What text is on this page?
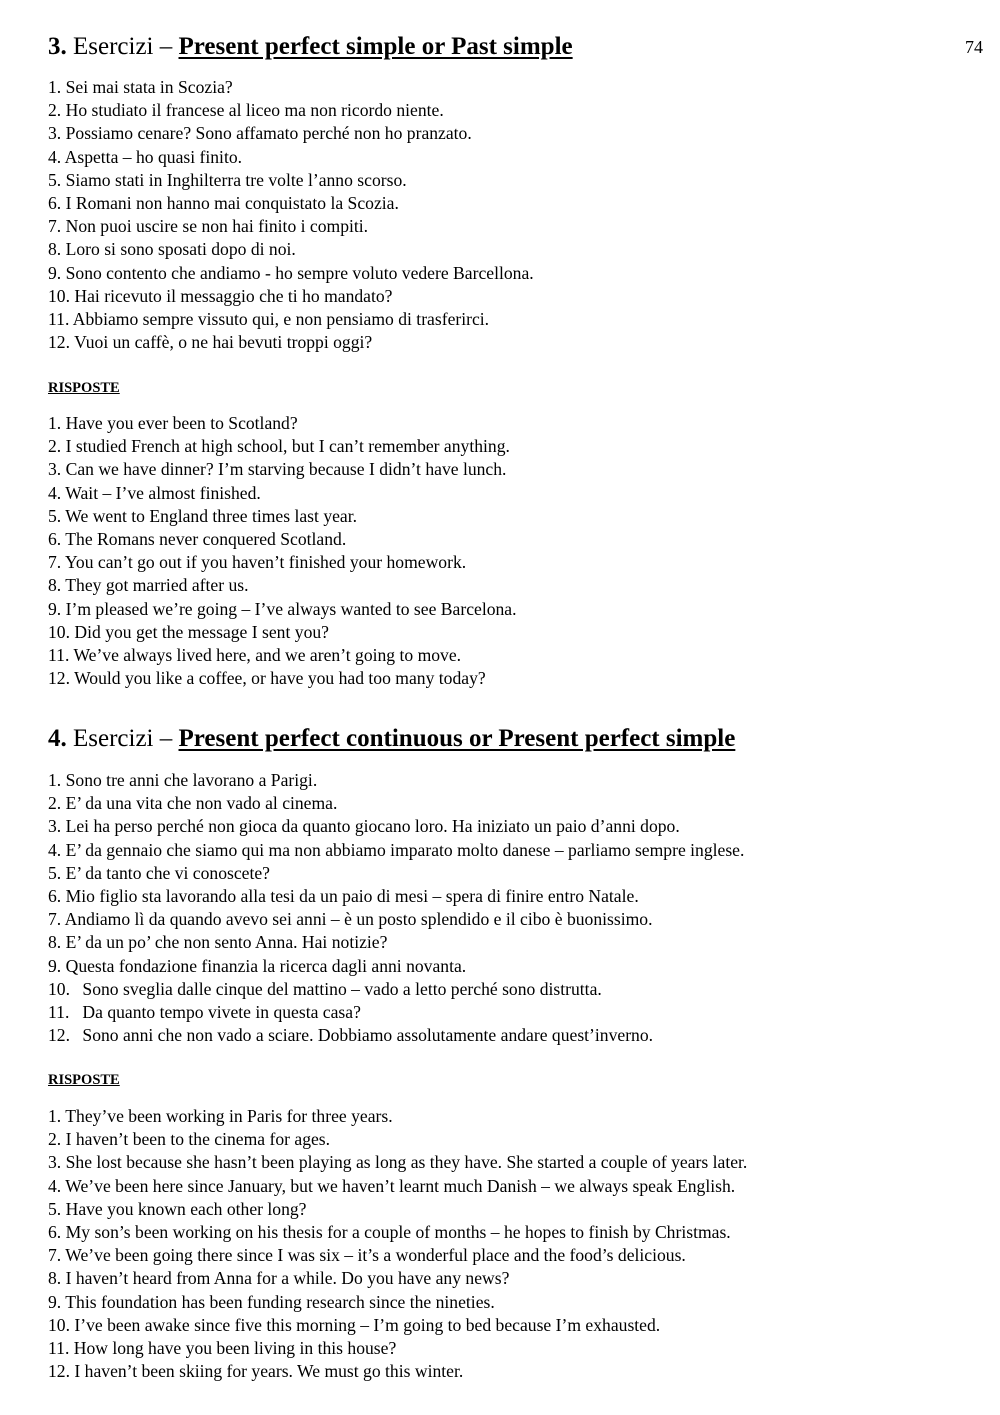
74
3. Esercizi – Present perfect simple or Past simple
1. Sei mai stata in Scozia?
2. Ho studiato il francese al liceo ma non ricordo niente.
3. Possiamo cenare? Sono affamato perché non ho pranzato.
4. Aspetta – ho quasi finito.
5. Siamo stati in Inghilterra tre volte l’anno scorso.
6. I Romani non hanno mai conquistato la Scozia.
7. Non puoi uscire se non hai finito i compiti.
8. Loro si sono sposati dopo di noi.
9. Sono contento che andiamo - ho sempre voluto vedere Barcellona.
10. Hai ricevuto il messaggio che ti ho mandato?
11. Abbiamo sempre vissuto qui, e non pensiamo di trasferirci.
12. Vuoi un caffè, o ne hai bevuti troppi oggi?
RISPOSTE
1. Have you ever been to Scotland?
2. I studied French at high school, but I can’t remember anything.
3. Can we have dinner? I’m starving because I didn’t have lunch.
4. Wait – I’ve almost finished.
5. We went to England three times last year.
6. The Romans never conquered Scotland.
7. You can’t go out if you haven’t finished your homework.
8. They got married after us.
9. I’m pleased we’re going – I’ve always wanted to see Barcelona.
10. Did you get the message I sent you?
11. We’ve always lived here, and we aren’t going to move.
12. Would you like a coffee, or have you had too many today?
4. Esercizi – Present perfect continuous or Present perfect simple
1. Sono tre anni che lavorano a Parigi.
2. E’ da una vita che non vado al cinema.
3. Lei ha perso perché non gioca da quanto giocano loro. Ha iniziato un paio d’anni dopo.
4. E’ da gennaio che siamo qui ma non abbiamo imparato molto danese – parliamo sempre inglese.
5. E’ da tanto che vi conoscete?
6. Mio figlio sta lavorando alla tesi da un paio di mesi – spera di finire entro Natale.
7. Andiamo lì da quando avevo sei anni – è un posto splendido e il cibo è buonissimo.
8. E’ da un po’ che non sento Anna. Hai notizie?
9. Questa fondazione finanzia la ricerca dagli anni novanta.
10. Sono sveglia dalle cinque del mattino – vado a letto perché sono distrutta.
11. Da quanto tempo vivete in questa casa?
12. Sono anni che non vado a sciare. Dobbiamo assolutamente andare quest’inverno.
RISPOSTE
1. They’ve been working in Paris for three years.
2. I haven’t been to the cinema for ages.
3. She lost because she hasn’t been playing as long as they have. She started a couple of years later.
4. We’ve been here since January, but we haven’t learnt much Danish – we always speak English.
5. Have you known each other long?
6. My son’s been working on his thesis for a couple of months – he hopes to finish by Christmas.
7. We’ve been going there since I was six – it’s a wonderful place and the food’s delicious.
8. I haven’t heard from Anna for a while. Do you have any news?
9. This foundation has been funding research since the nineties.
10. I’ve been awake since five this morning – I’m going to bed because I’m exhausted.
11. How long have you been living in this house?
12. I haven’t been skiing for years. We must go this winter.
